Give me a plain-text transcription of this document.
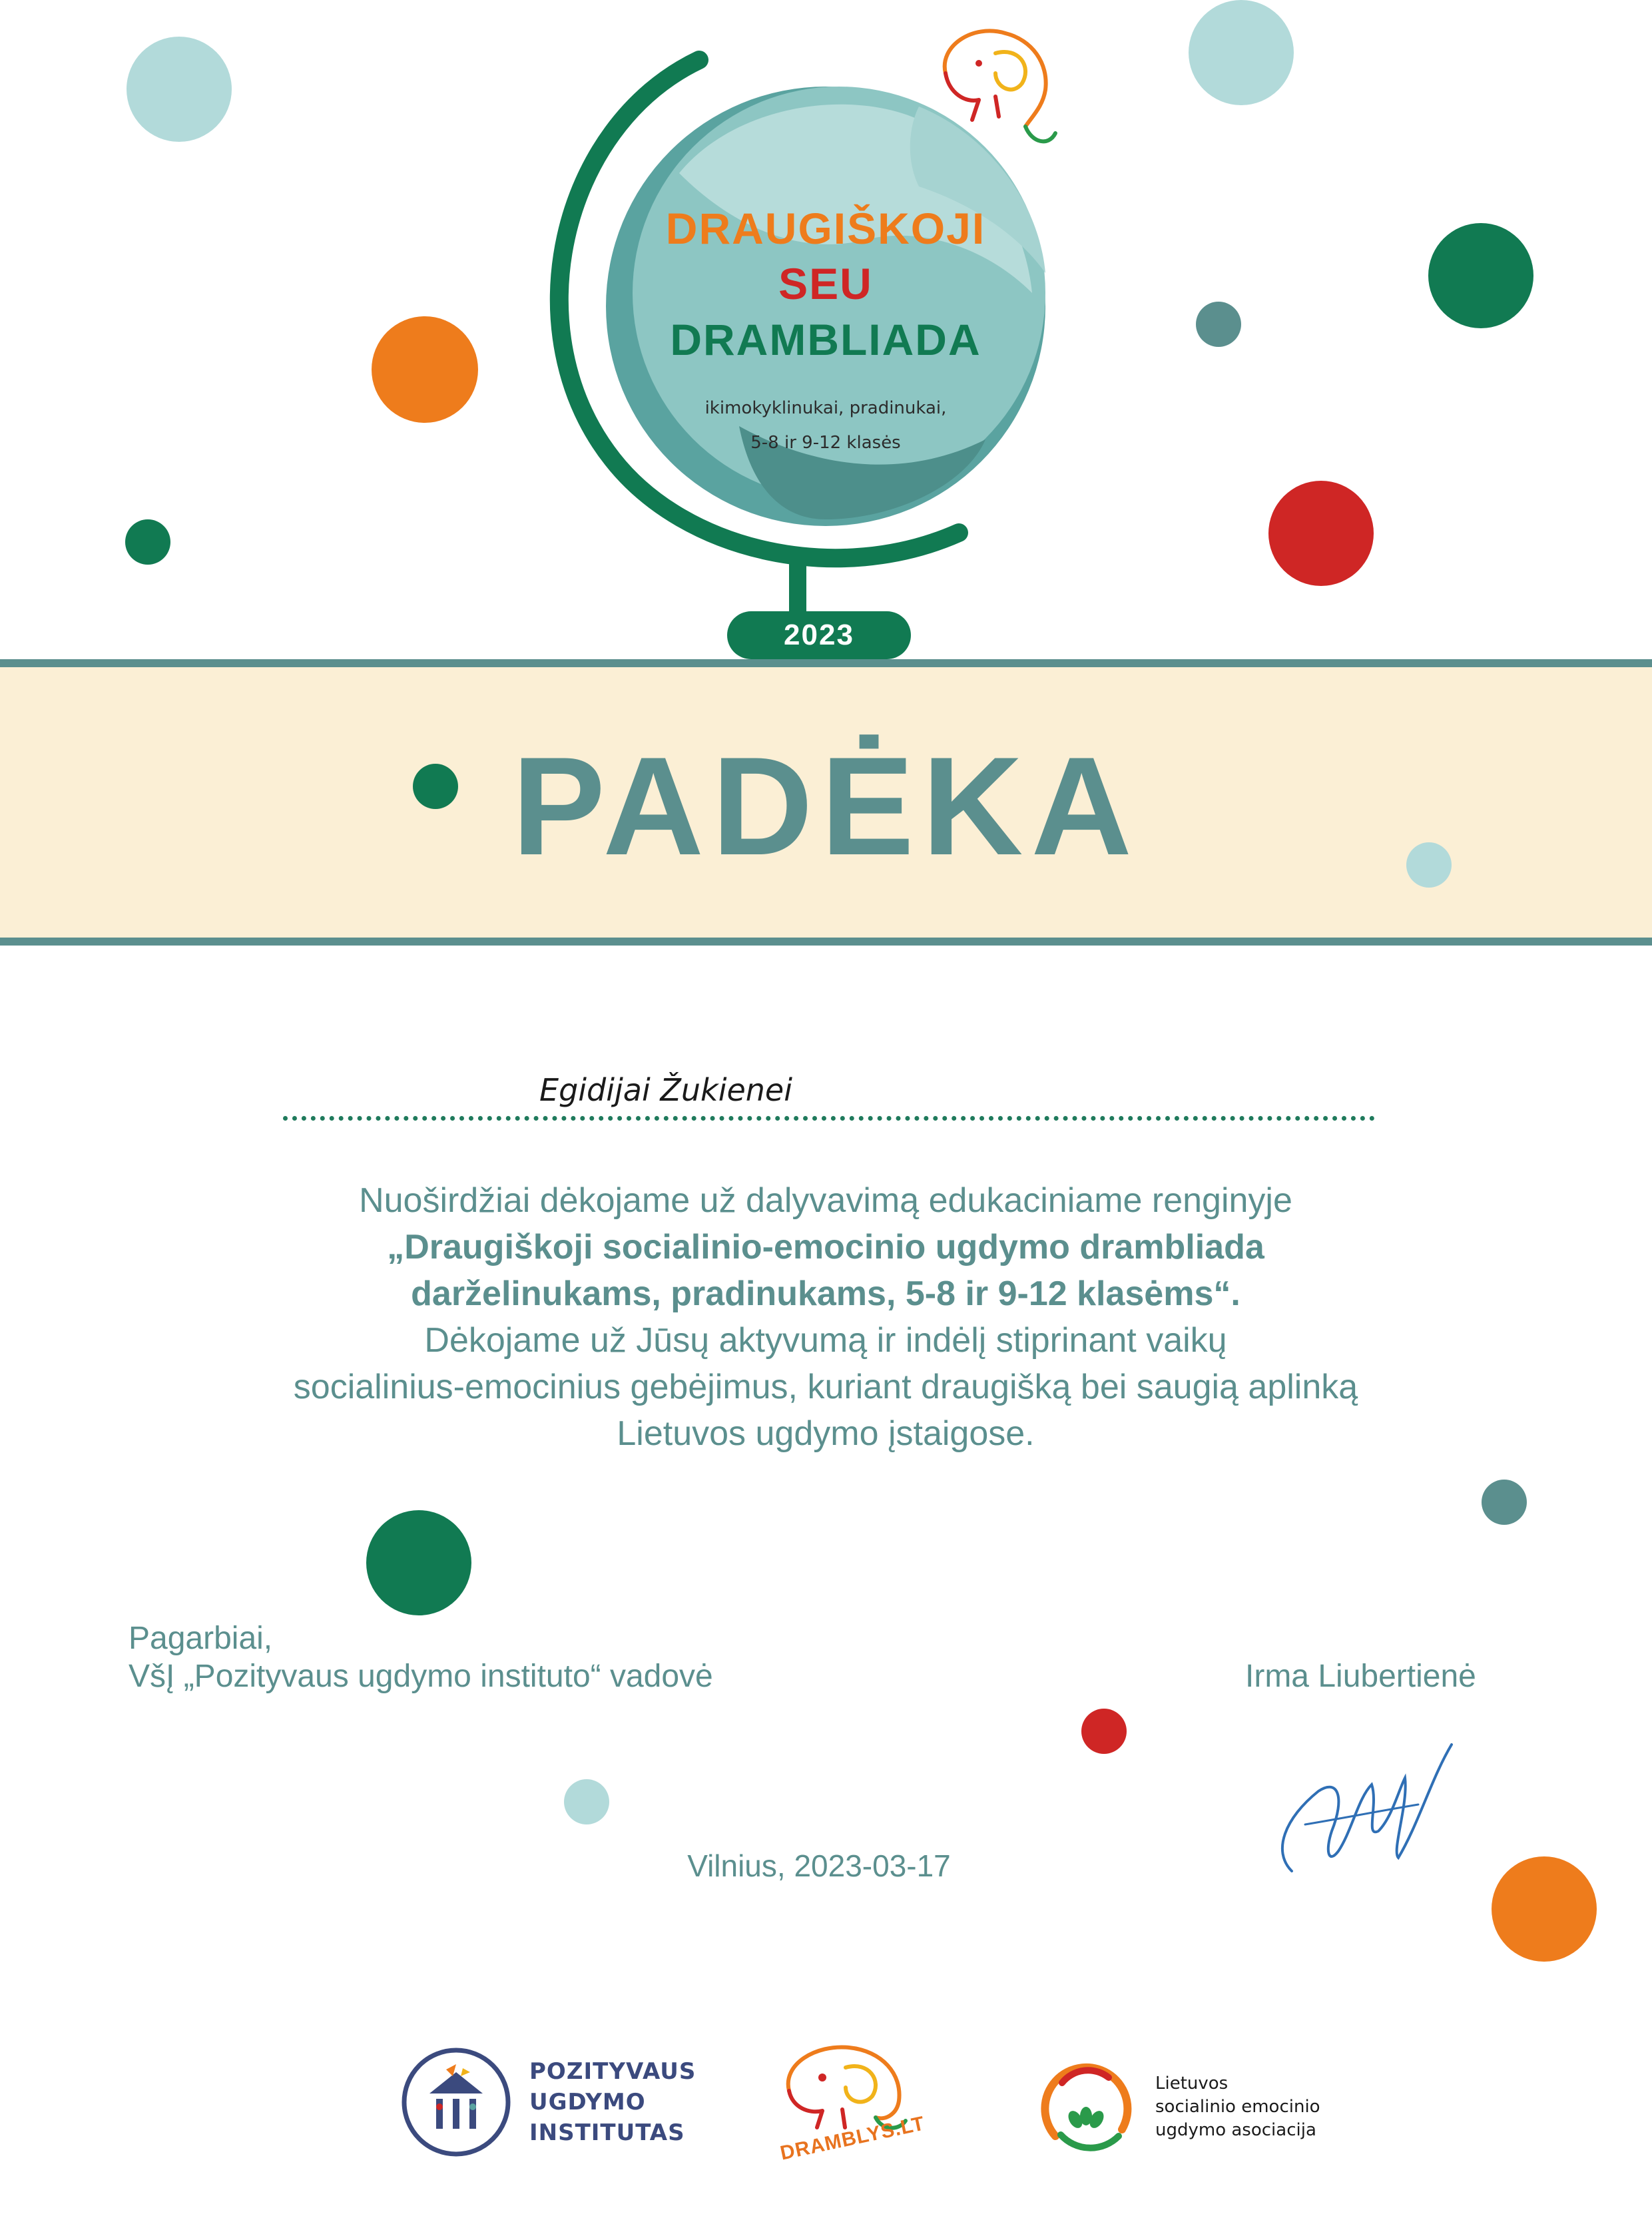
DRAUGIŠKOJI
SEU
DRAMBLIADA
ikimokyklinukai, pradinukai,
5-8 ir 9-12 klasės
2023
PADĖKA
Egidijai Žukienei
Nuoširdžiai dėkojame už dalyvavimą edukaciniame renginyje
„Draugiškoji socialinio-emocinio ugdymo drambliada
darželinukams, pradinukams, 5-8 ir 9-12 klasėms“.
Dėkojame už Jūsų aktyvumą ir indėlį stiprinant vaikų
socialinius-emocinius gebėjimus, kuriant draugišką bei saugią aplinką
Lietuvos ugdymo įstaigose.
Pagarbiai,
VšĮ „Pozityvaus ugdymo instituto“ vadovė	Irma Liubertienė
Vilnius, 2023-03-17
POZITYVAUS
UGDYMO
INSTITUTAS	DRAMBLYS.LT
Lietuvos
socialinio emocinio
ugdymo asociacija
